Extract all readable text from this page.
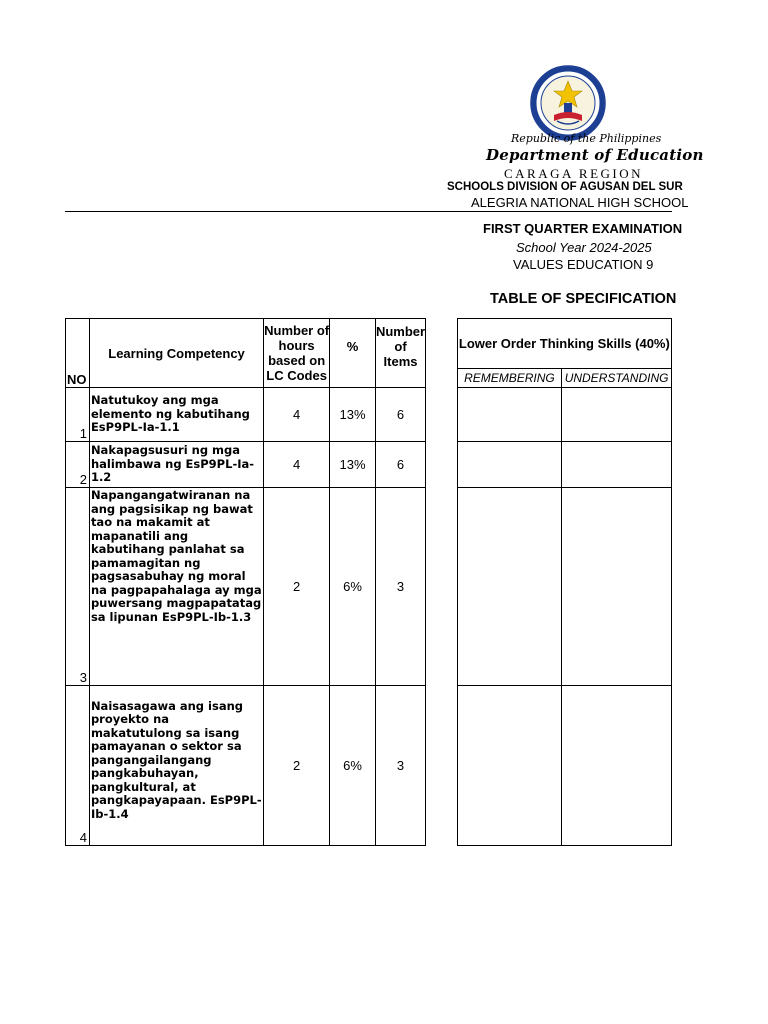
Republic of the Philippines
Department of Education
CARAGA REGION
SCHOOLS DIVISION OF AGUSAN DEL SUR
ALEGRIA NATIONAL HIGH SCHOOL
FIRST QUARTER EXAMINATION
School Year 2024-2025
VALUES EDUCATION 9
TABLE OF SPECIFICATION
NO	Learning Competency	Number of hours based on LC Codes	%	Number of Items		Lower Order Thinking Skills (40%)	
						REMEMBERING	UNDERSTANDING
1	Natutukoy ang mga elemento ng kabutihang EsP9PL-Ia-1.1	4	13%	6			
2	Nakapagsusuri ng mga halimbawa ng EsP9PL-Ia-1.2	4	13%	6			
3	Napangangatwiranan na ang pagsisikap ng bawat tao na makamit at mapanatili ang kabutihang panlahat sa pamamagitan ng pagsasabuhay ng moral na pagpapahalaga ay mga puwersang magpapatatag sa lipunan EsP9PL-Ib-1.3	2	6%	3			
4	Naisasagawa ang isang proyekto na makatutulong sa isang pamayanan o sektor sa pangangailangang pangkabuhayan, pangkultural, at pangkapayapaan. EsP9PL-Ib-1.4	2	6%	3			
